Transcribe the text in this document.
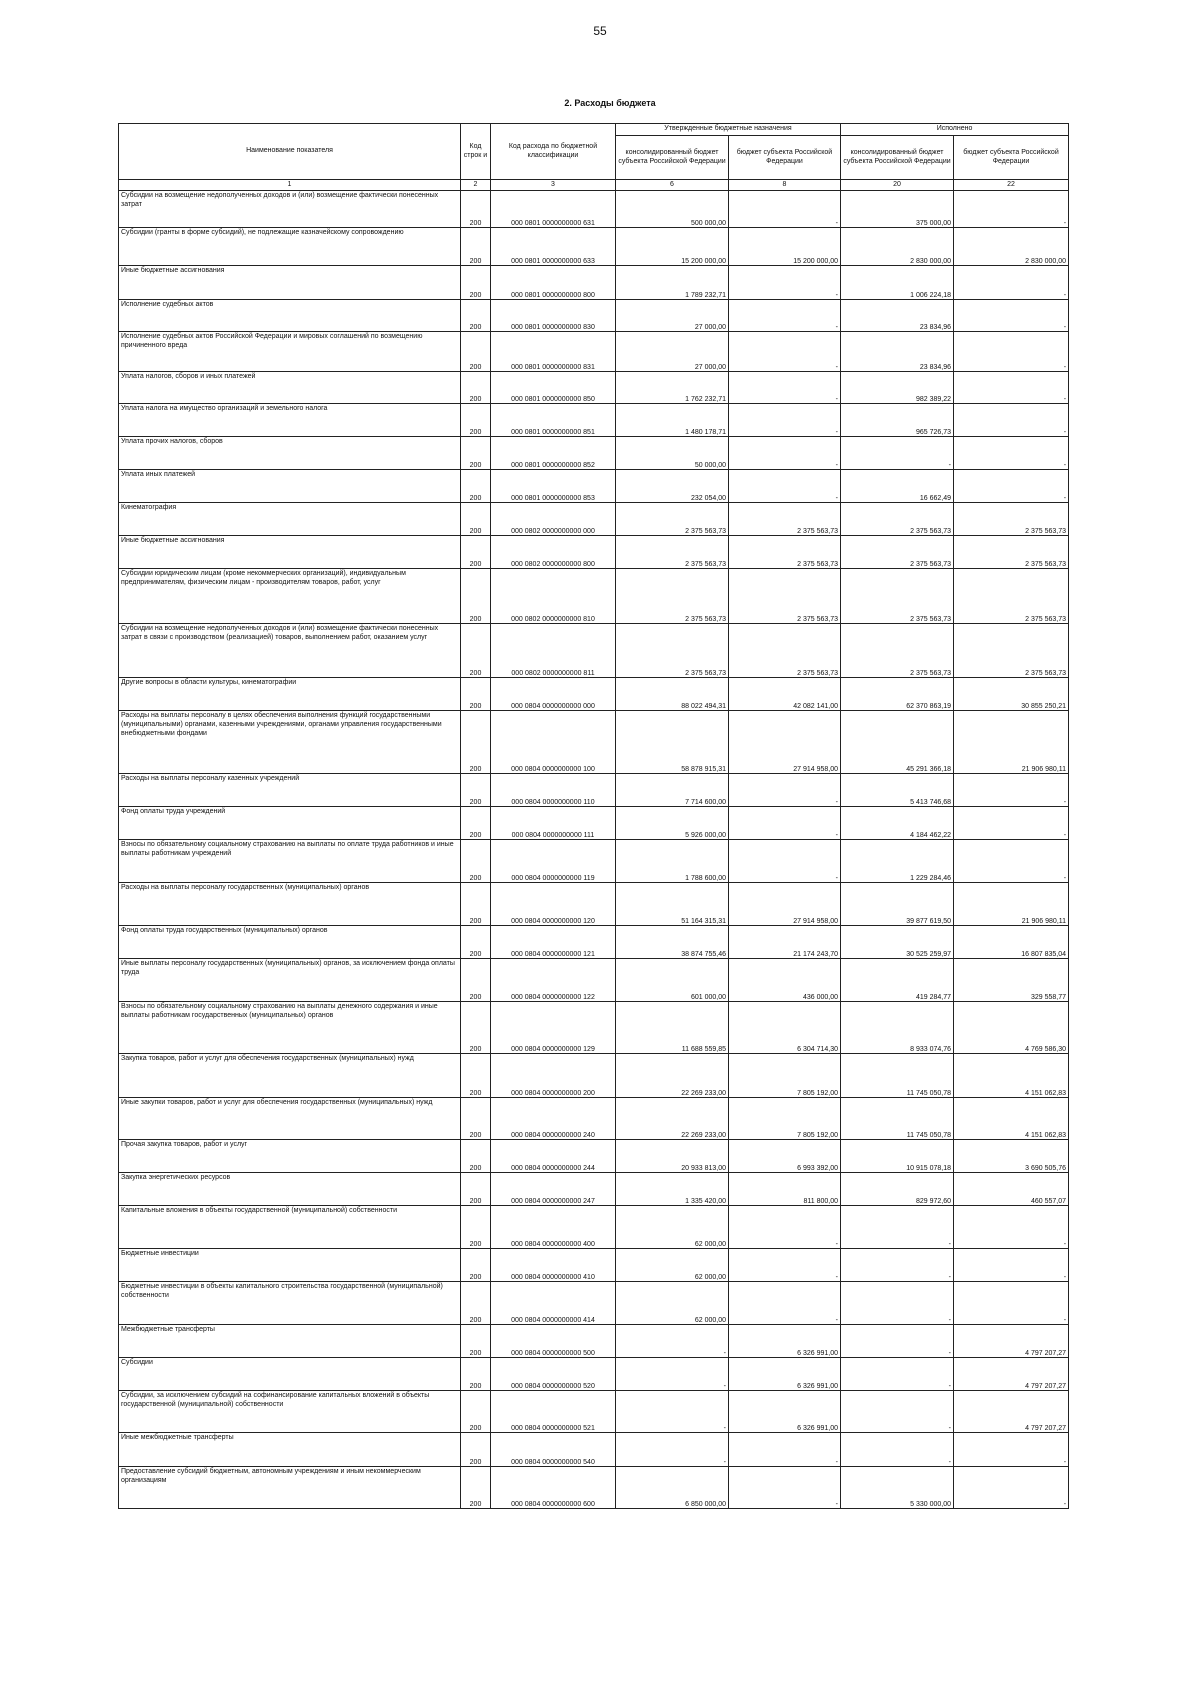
55
2. Расходы бюджета
Наименование показателя	Код строк и	Код расхода по бюджетной классификации	Утвержденные бюджетные назначения		Исполнено	
			консолидированный бюджет субъекта Российской Федерации	бюджет субъекта Российской Федерации	консолидированный бюджет субъекта Российской Федерации	бюджет субъекта Российской Федерации
1	2	3	6	8	20	22
Субсидии на возмещение недополученных доходов и (или) возмещение фактически понесенных затрат	200	000 0801 0000000000 631	500 000,00	-	375 000,00	-
Субсидии (гранты в форме субсидий), не подлежащие казначейскому сопровождению	200	000 0801 0000000000 633	15 200 000,00	15 200 000,00	2 830 000,00	2 830 000,00
Иные бюджетные ассигнования	200	000 0801 0000000000 800	1 789 232,71	-	1 006 224,18	-
Исполнение судебных актов	200	000 0801 0000000000 830	27 000,00	-	23 834,96	-
Исполнение судебных актов Российской Федерации и мировых соглашений по возмещению причиненного вреда	200	000 0801 0000000000 831	27 000,00	-	23 834,96	-
Уплата налогов, сборов и иных платежей	200	000 0801 0000000000 850	1 762 232,71	-	982 389,22	-
Уплата налога на имущество организаций и земельного налога	200	000 0801 0000000000 851	1 480 178,71	-	965 726,73	-
Уплата прочих налогов, сборов	200	000 0801 0000000000 852	50 000,00	-	-	-
Уплата иных платежей	200	000 0801 0000000000 853	232 054,00	-	16 662,49	-
Кинематография	200	000 0802 0000000000 000	2 375 563,73	2 375 563,73	2 375 563,73	2 375 563,73
Иные бюджетные ассигнования	200	000 0802 0000000000 800	2 375 563,73	2 375 563,73	2 375 563,73	2 375 563,73
Субсидии юридическим лицам (кроме некоммерческих организаций), индивидуальным предпринимателям, физическим лицам - производителям товаров, работ, услуг	200	000 0802 0000000000 810	2 375 563,73	2 375 563,73	2 375 563,73	2 375 563,73
Субсидии на возмещение недополученных доходов и (или) возмещение фактически понесенных затрат в связи с производством (реализацией) товаров, выполнением работ, оказанием услуг	200	000 0802 0000000000 811	2 375 563,73	2 375 563,73	2 375 563,73	2 375 563,73
Другие вопросы в области культуры, кинематографии	200	000 0804 0000000000 000	88 022 494,31	42 082 141,00	62 370 863,19	30 855 250,21
Расходы на выплаты персоналу в целях обеспечения выполнения функций государственными (муниципальными) органами, казенными учреждениями, органами управления государственными внебюджетными фондами	200	000 0804 0000000000 100	58 878 915,31	27 914 958,00	45 291 366,18	21 906 980,11
Расходы на выплаты персоналу казенных учреждений	200	000 0804 0000000000 110	7 714 600,00	-	5 413 746,68	-
Фонд оплаты труда учреждений	200	000 0804 0000000000 111	5 926 000,00	-	4 184 462,22	-
Взносы по обязательному социальному страхованию на выплаты по оплате труда работников и иные выплаты работникам учреждений	200	000 0804 0000000000 119	1 788 600,00	-	1 229 284,46	-
Расходы на выплаты персоналу государственных (муниципальных) органов	200	000 0804 0000000000 120	51 164 315,31	27 914 958,00	39 877 619,50	21 906 980,11
Фонд оплаты труда государственных (муниципальных) органов	200	000 0804 0000000000 121	38 874 755,46	21 174 243,70	30 525 259,97	16 807 835,04
Иные выплаты персоналу государственных (муниципальных) органов, за исключением фонда оплаты труда	200	000 0804 0000000000 122	601 000,00	436 000,00	419 284,77	329 558,77
Взносы по обязательному социальному страхованию на выплаты денежного содержания и иные выплаты работникам государственных (муниципальных) органов	200	000 0804 0000000000 129	11 688 559,85	6 304 714,30	8 933 074,76	4 769 586,30
Закупка товаров, работ и услуг для обеспечения государственных (муниципальных) нужд	200	000 0804 0000000000 200	22 269 233,00	7 805 192,00	11 745 050,78	4 151 062,83
Иные закупки товаров, работ и услуг для обеспечения государственных (муниципальных) нужд	200	000 0804 0000000000 240	22 269 233,00	7 805 192,00	11 745 050,78	4 151 062,83
Прочая закупка товаров, работ и услуг	200	000 0804 0000000000 244	20 933 813,00	6 993 392,00	10 915 078,18	3 690 505,76
Закупка энергетических ресурсов	200	000 0804 0000000000 247	1 335 420,00	811 800,00	829 972,60	460 557,07
Капитальные вложения в объекты государственной (муниципальной) собственности	200	000 0804 0000000000 400	62 000,00	-	-	-
Бюджетные инвестиции	200	000 0804 0000000000 410	62 000,00	-	-	-
Бюджетные инвестиции в объекты капитального строительства государственной (муниципальной) собственности	200	000 0804 0000000000 414	62 000,00	-	-	-
Межбюджетные трансферты	200	000 0804 0000000000 500	-	6 326 991,00	-	4 797 207,27
Субсидии	200	000 0804 0000000000 520	-	6 326 991,00	-	4 797 207,27
Субсидии, за исключением субсидий на софинансирование капитальных вложений в объекты государственной (муниципальной) собственности	200	000 0804 0000000000 521	-	6 326 991,00	-	4 797 207,27
Иные межбюджетные трансферты	200	000 0804 0000000000 540	-	-	-	-
Предоставление субсидий бюджетным, автономным учреждениям и иным некоммерческим организациям	200	000 0804 0000000000 600	6 850 000,00	-	5 330 000,00	-
